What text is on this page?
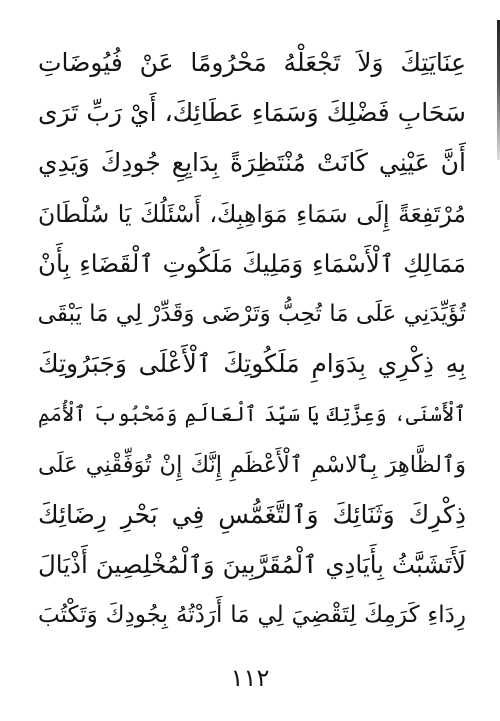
عِنَايَتِكَ وَلاَ تَجْعَلْهُ مَحْرُومًا عَنْ فُيُوضَاتِ
سَحَابِ فَضْلِكَ وَسَمَاءِ عَطَائِكَ، أَيْ رَبِّ تَرَى
أَنَّ عَيْنِي كَانَتْ مُنْتَظِرَةً بِدَايِعِ جُودِكَ وَيَدِي
مُرْتَفِعَةً إِلَى سَمَاءِ مَوَاهِبِكَ، أَسْئَلُكَ يَا سُلْطَانَ
مَمَالِكِ ٱلْأَسْمَاءِ وَمَلِيكَ مَلَكُوتِ ٱلْقَضَاءِ بِأَنْ
تُؤَيِّدَنِي عَلَى مَا تُحِبُّ وَتَرْضَى وَقَدِّرْ لِي مَا يَبْقَى
بِهِ ذِكْرِي بِدَوَامِ مَلَكُوتِكَ ٱلْأَعْلَى وَجَبَرُوتِكَ
ٱلْأَسْنَى، وَعِزَّتِكَ يَا سَيِّدَ ٱلْعَالَمِ وَمَحْبُوبَ ٱلْأُمَمِ
وَٱلظَّاهِرَ بِٱلاسْمِ ٱلْأَعْظَمِ إِنَّكَ إِنْ تُوَفِّقْنِي عَلَى
ذِكْرِكَ وَثَنَائِكَ وَٱلتَّغَمُّسِ فِي بَحْرِ رِضَائِكَ
لَأَتَشَبَّثُ بِأَيَادِي ٱلْمُقَرَّبِينَ وَٱلْمُخْلِصِينَ أَذْيَالَ
رِدَاءِ كَرَمِكَ لِتَقْضِيَ لِي مَا أَرَدْتُهُ بِجُودِكَ وَتَكْتُبَ
١١٢
